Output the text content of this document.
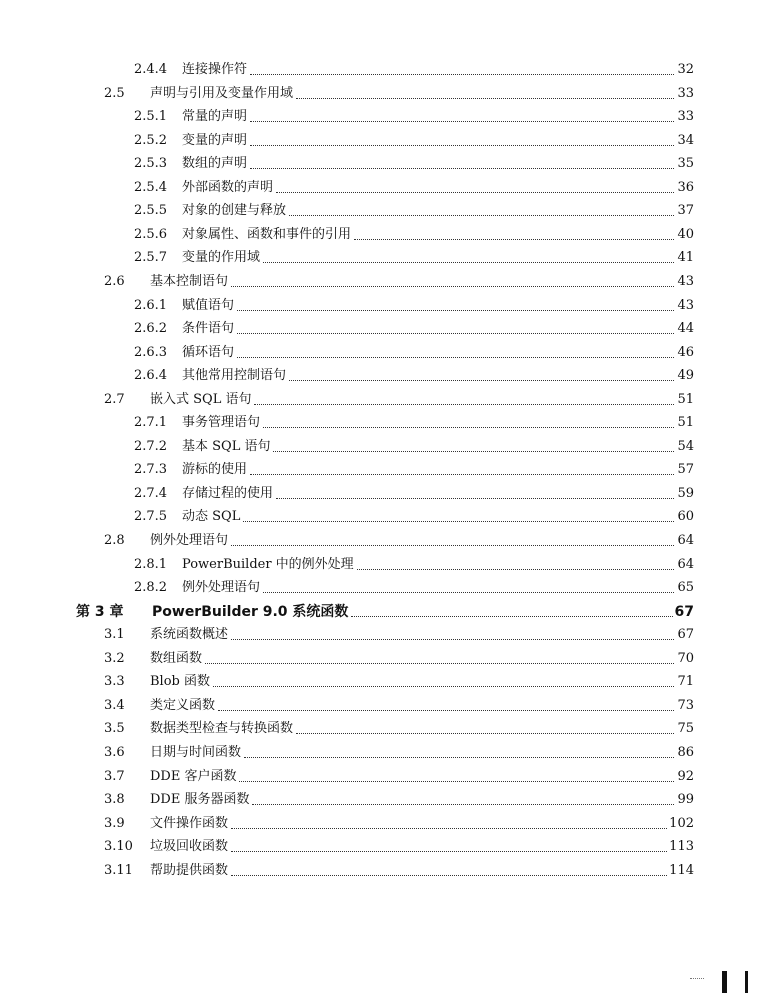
2.4.4	连接操作符	32
2.5	声明与引用及变量作用域	33
2.5.1	常量的声明	33
2.5.2	变量的声明	34
2.5.3	数组的声明	35
2.5.4	外部函数的声明	36
2.5.5	对象的创建与释放	37
2.5.6	对象属性、函数和事件的引用	40
2.5.7	变量的作用域	41
2.6	基本控制语句	43
2.6.1	赋值语句	43
2.6.2	条件语句	44
2.6.3	循环语句	46
2.6.4	其他常用控制语句	49
2.7	嵌入式 SQL 语句	51
2.7.1	事务管理语句	51
2.7.2	基本 SQL 语句	54
2.7.3	游标的使用	57
2.7.4	存储过程的使用	59
2.7.5	动态 SQL	60
2.8	例外处理语句	64
2.8.1	PowerBuilder 中的例外处理	64
2.8.2	例外处理语句	65
第 3 章	PowerBuilder 9.0 系统函数	67
3.1	系统函数概述	67
3.2	数组函数	70
3.3	Blob 函数	71
3.4	类定义函数	73
3.5	数据类型检查与转换函数	75
3.6	日期与时间函数	86
3.7	DDE 客户函数	92
3.8	DDE 服务器函数	99
3.9	文件操作函数	102
3.10	垃圾回收函数	113
3.11	帮助提供函数	114
